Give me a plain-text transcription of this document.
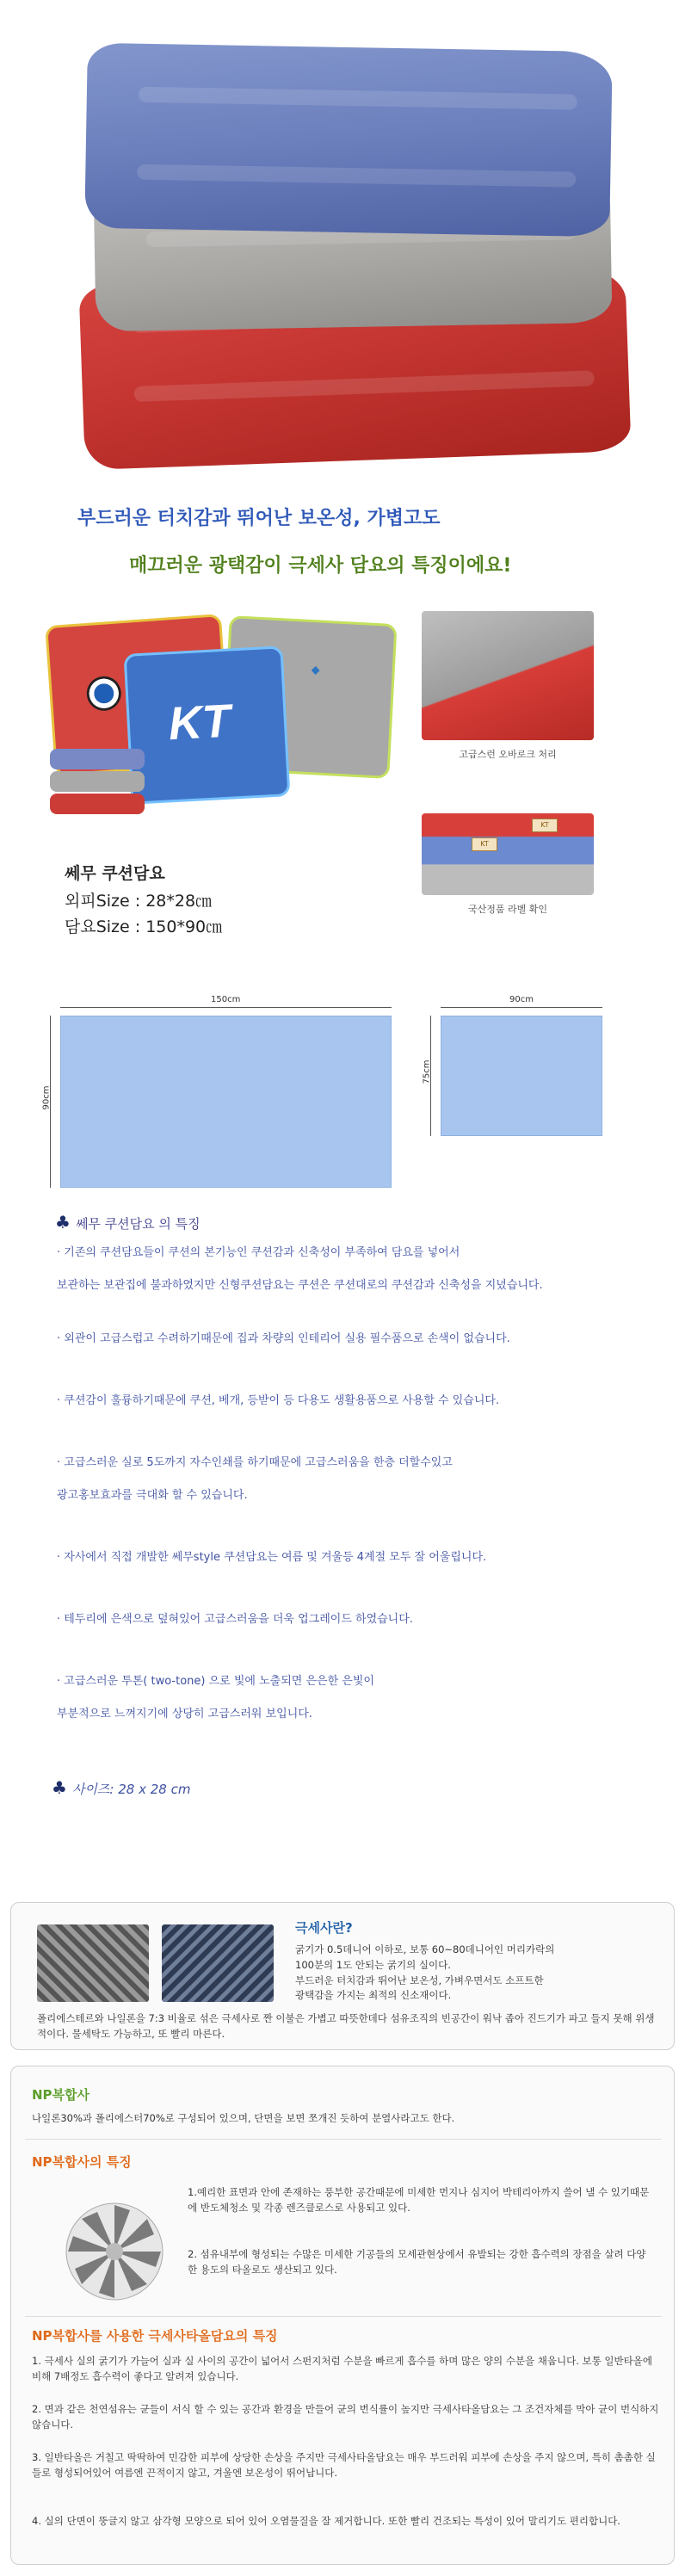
부드러운 터치감과 뛰어난 보온성, 가볍고도
매끄러운 광택감이 극세사 담요의 특징이에요!
◆
KT
고급스런 오바로크 처리
KT
KT
국산정품 라벨 확인
쎄무 쿠션담요
외피Size : 28*28㎝
담요Size : 150*90㎝
150cm
90cm
90cm
75cm
♣ 쎄무 쿠션담요 의 특징
· 기존의 쿠션담요들이 쿠션의 본기능인 쿠션감과 신축성이 부족하여 담요를 넣어서
보관하는 보관집에 불과하였지만 신형쿠션담요는 쿠션은 쿠션대로의 쿠션감과 신축성을 지녔습니다.
· 외관이 고급스럽고 수려하기때문에 집과 차량의 인테리어 실용 필수품으로 손색이 없습니다.
· 쿠션감이 훌륭하기때문에 쿠션, 베개, 등받이 등 다용도 생활용품으로 사용할 수 있습니다.
· 고급스러운 실로 5도까지 자수인쇄를 하기때문에 고급스러움을 한층 더할수있고
광고홍보효과를 극대화 할 수 있습니다.
· 자사에서 직접 개발한 쎄무style 쿠션담요는 여름 및 겨울등 4계절 모두 잘 어울립니다.
· 테두리에 은색으로 덮혀있어 고급스러움을 더욱 업그레이드 하였습니다.
· 고급스러운 투톤( two-tone) 으로 빛에 노출되면 은은한 은빛이
부분적으로 느껴지기에 상당히 고급스러워 보입니다.
♣ 사이즈: 28 x 28 cm
극세사란?
굵기가 0.5데니어 이하로, 보통 60~80데니어인 머리카락의
100분의 1도 안되는 굵기의 실이다.
부드러운 터치감과 뛰어난 보온성, 가벼우면서도 소프트한
광택감을 가지는 최적의 신소재이다.
폴리에스테르와 나일론을 7:3 비율로 섞은 극세사로 짠 이불은 가볍고 따뜻한데다 섬유조직의 빈공간이 워낙 좁아 진드기가 파고 들지 못해 위생적이다. 물세탁도 가능하고, 또 빨리 마른다.
NP복합사
나일론30%과 폴리에스터70%로 구성되어 있으며, 단면을 보면 쪼개진 듯하여 분열사라고도 한다.
NP복합사의 특징
1.예리한 표면과 안에 존재하는 풍부한 공간때문에 미세한 먼지나 심지어 박테리아까지 쓸어 낼 수 있기때문에 반도체청소 및 각종 렌즈클로스로 사용되고 있다.
2. 섬유내부에 형성되는 수많은 미세한 기공들의 모세관현상에서 유발되는 강한 흡수력의 장점을 살려 다양한 용도의 타올로도 생산되고 있다.
NP복합사를 사용한 극세사타올담요의 특징
1. 극세사 실의 굵기가 가늘어 실과 실 사이의 공간이 넓어서 스펀지처럼 수분을 빠르게 흡수를 하며 많은 양의 수분을 채웁니다. 보통 일반타올에 비해 7배정도 흡수력이 좋다고 알려져 있습니다.
2. 면과 같은 천연섬유는 균들이 서식 할 수 있는 공간과 환경을 만들어 균의 번식률이 높지만 극세사타올담요는 그 조건자체를 막아 균이 번식하지 않습니다.
3. 일반타올은 거칠고 딱딱하여 민감한 피부에 상당한 손상을 주지만 극세사타올담요는 매우 부드러워 피부에 손상을 주지 않으며, 특히 촘촘한 실들로 형성되어있어 여름엔 끈적이지 않고, 겨울엔 보온성이 뛰어납니다.
4. 실의 단면이 뚱글지 않고 삼각형 모양으로 되어 있어 오염물질을 잘 제거합니다. 또한 빨리 건조되는 특성이 있어 말리기도 편리합니다.
